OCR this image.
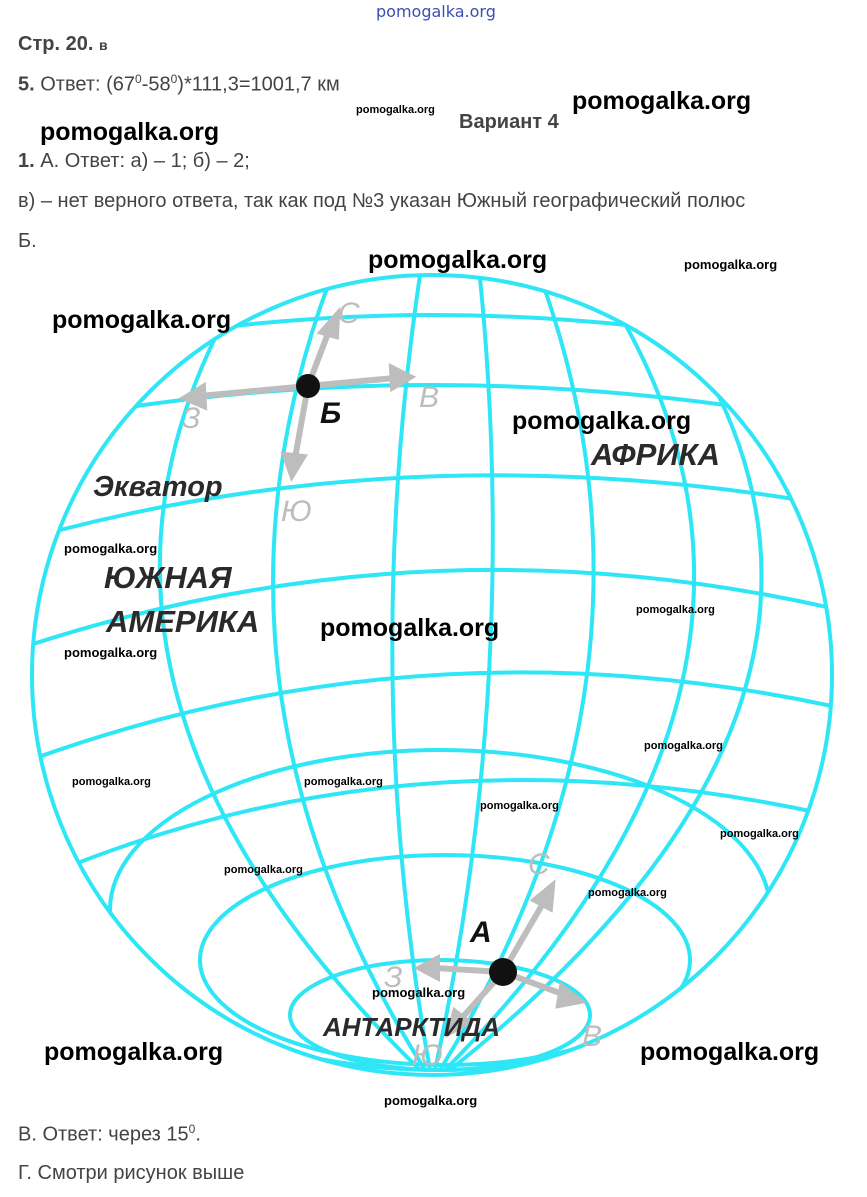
pomogalka.org
Стр. 20. ʙ
5. Ответ: $(67^0-58^0)*111,3=1001,7$ км
Вариант 4
1. А. Ответ: а) – 1; б) – 2;
в) – нет верного ответа, так как под №3 указан Южный географический полюс
Б.
Экватор
ЮЖНАЯ
АМЕРИКА
АФРИКА
АНТАРКТИДА
Б
А
С
В
З
Ю
С
В
З
Ю
pomogalka.org	pomogalka.org
pomogalka.org
pomogalka.org	pomogalka.org
pomogalka.org
pomogalka.org
pomogalka.org
pomogalka.org
pomogalka.org
pomogalka.org
pomogalka.org
pomogalka.org	pomogalka.org
pomogalka.org
pomogalka.org
pomogalka.org
pomogalka.org
pomogalka.org
pomogalka.org	pomogalka.org
pomogalka.org
В. Ответ: через $15^0$.
Г. Смотри рисунок выше
